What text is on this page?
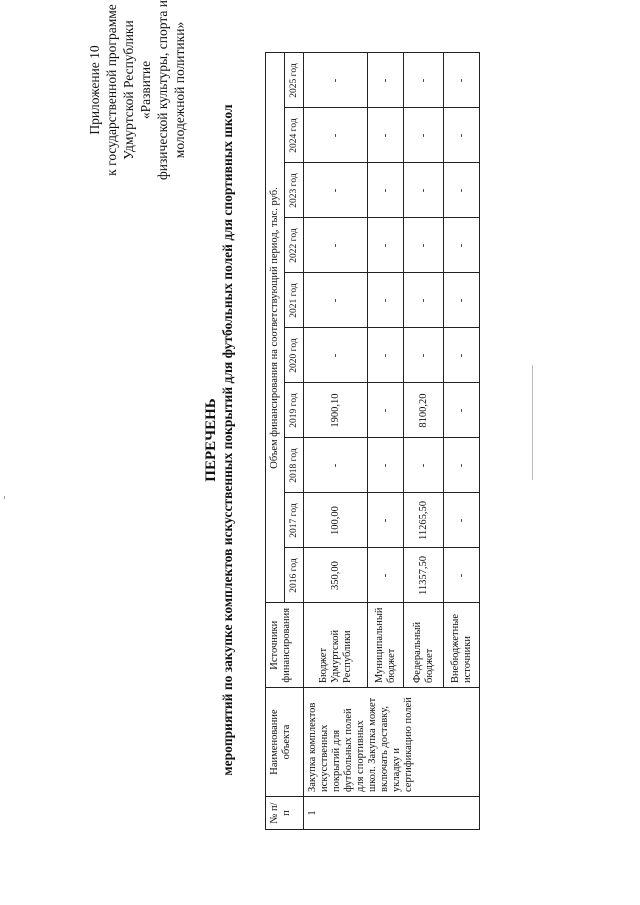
Приложение 10 к государственной программе Удмуртской Республики «Развитие физической культуры, спорта и молодежной политики»
ПЕРЕЧЕНЬ мероприятий по закупке комплектов искусственных покрытий для футбольных полей для спортивных школ
№ п/п	Наименование объекта	Источники финансирования	Объем финансирования на соответствующий период, тыс. руб.									
			2016 год	2017 год	2018 год	2019 год	2020 год	2021 год	2022 год	2023 год	2024 год	2025 год
1	Закупка комплектов искусственных покрытий для футбольных полей для спортивных школ. Закупка может включать доставку, укладку и сертификацию полей	Бюджет Удмуртской Республики	350,00	100,00	-	1900,10	-	-	-	-	-	-
		Муниципальный бюджет	-	-	-	-	-	-	-	-	-	-
		Федеральный бюджет	11357,50	11265,50	-	8100,20	-	-	-	-	-	-
		Внебюджетные источники	-	-	-	-	-	-	-	-	-	-
